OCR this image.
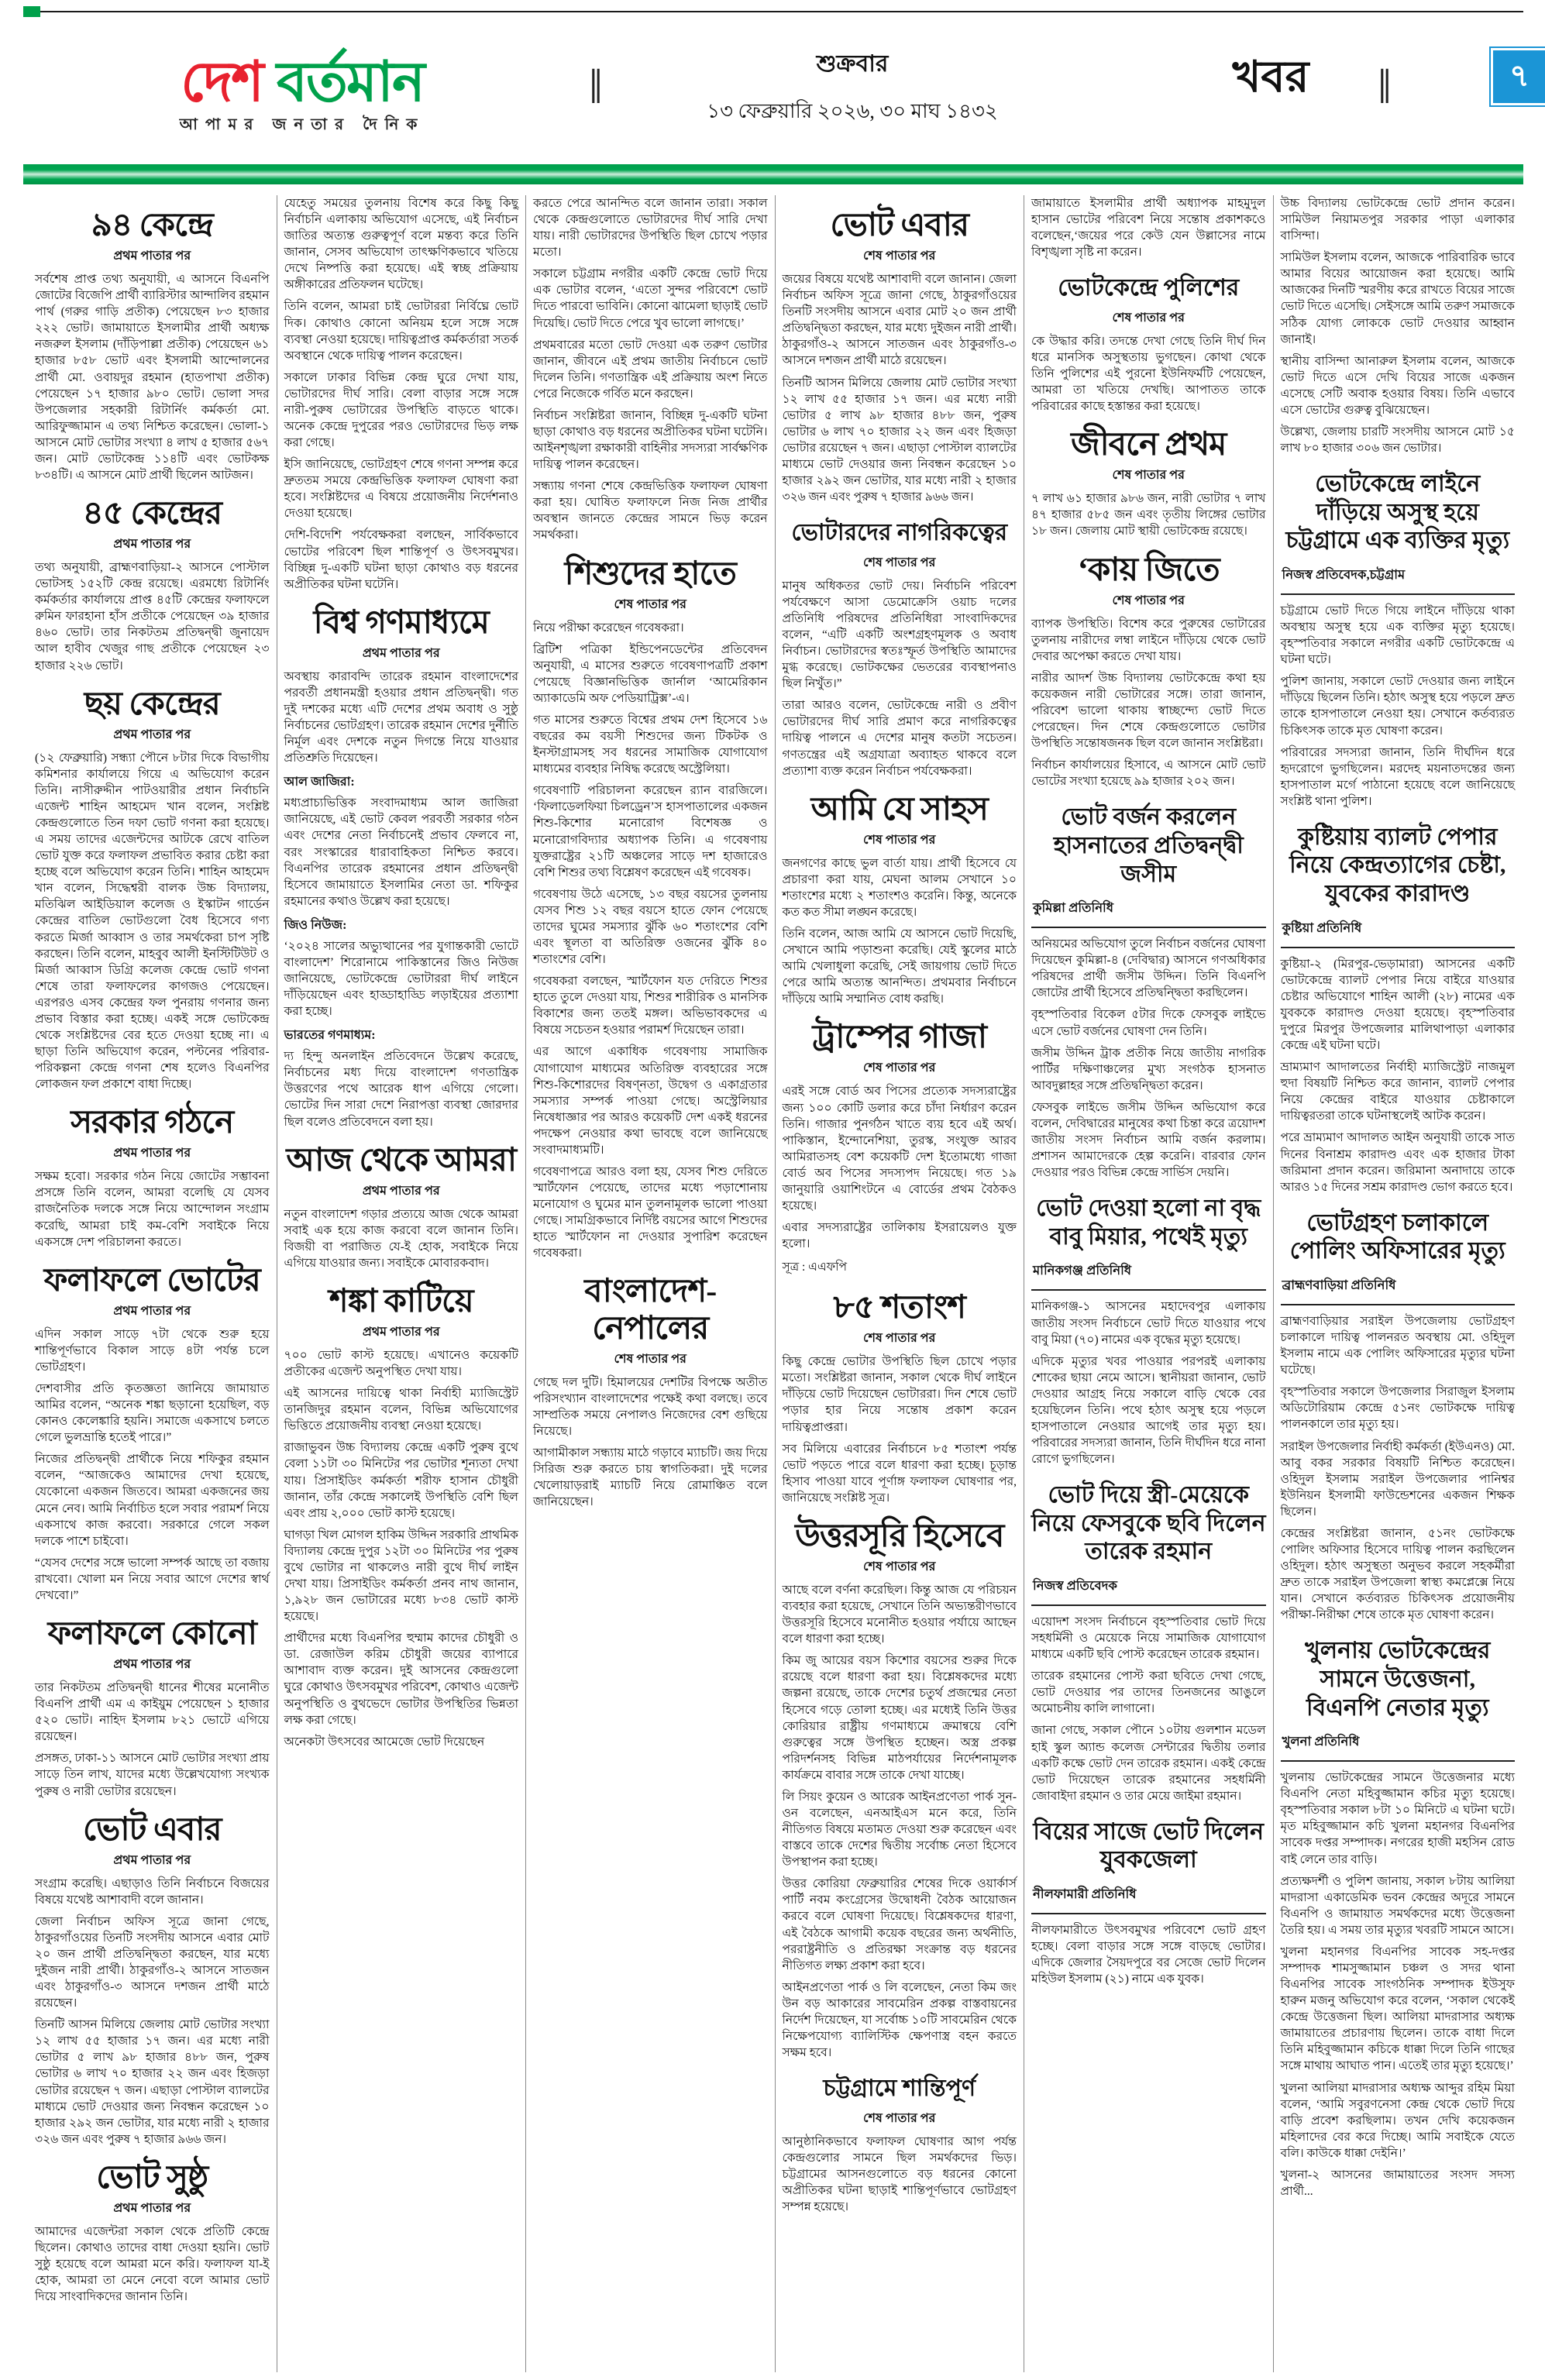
দেশ বর্তমান
আপামর জনতার দৈনিক
‖	শুক্রবার
১৩ ফেব্রুয়ারি ২০২৬, ৩০ মাঘ ১৪৩২	‖
খবর	৭
৯৪ কেন্দ্রে
প্রথম পাতার পর
সর্বশেষ প্রাপ্ত তথ্য অনুযায়ী, এ আসনে বিএনপি জোটের বিজেপি প্রার্থী ব্যারিস্টার আন্দালিব রহমান পার্থ (গরুর গাড়ি প্রতীক) পেয়েছেন ৮৩ হাজার ২২২ ভোট। জামায়াতে ইসলামীর প্রার্থী অধ্যক্ষ নজরুল ইসলাম (দাঁড়িপাল্লা প্রতীক) পেয়েছেন ৬১ হাজার ৮৫৮ ভোট এবং ইসলামী আন্দোলনের প্রার্থী মো. ওবায়দুর রহমান (হাতপাখা প্রতীক) পেয়েছেন ১৭ হাজার ৯৮০ ভোট। ভোলা সদর উপজেলার সহকারী রিটার্নিং কর্মকর্তা মো. আরিফুজ্জামান এ তথ্য নিশ্চিত করেছেন। ভোলা-১ আসনে মোট ভোটার সংখ্যা ৪ লাখ ৫ হাজার ৫৬৭ জন। মোট ভোটকেন্দ্র ১১৪টি এবং ভোটকক্ষ ৮৩৪টি। এ আসনে মোট প্রার্থী ছিলেন আটজন।
৪৫ কেন্দ্রের
প্রথম পাতার পর
তথ্য অনুযায়ী, ব্রাহ্মণবাড়িয়া-২ আসনে পোস্টাল ভোটসহ ১৫২টি কেন্দ্র রয়েছে। এরমধ্যে রিটার্নিং কর্মকর্তার কার্যালয়ে প্রাপ্ত ৪৫টি কেন্দ্রের ফলাফলে রুমিন ফারহানা হাঁস প্রতীকে পেয়েছেন ৩৯ হাজার ৪৬০ ভোট। তার নিকটতম প্রতিদ্বন্দ্বী জুনায়েদ আল হাবীব খেজুর গাছ প্রতীকে পেয়েছেন ২৩ হাজার ২২৬ ভোট।
ছয় কেন্দ্রের
প্রথম পাতার পর
(১২ ফেব্রুয়ারি) সন্ধ্যা পৌনে ৮টার দিকে বিভাগীয় কমিশনার কার্যালয়ে গিয়ে এ অভিযোগ করেন তিনি। নাসীরুদ্দীন পাটওয়ারীর প্রধান নির্বাচনি এজেন্ট শাহিন আহমেদ খান বলেন, সংশ্লিষ্ট কেন্দ্রগুলোতে তিন দফা ভোট গণনা করা হয়েছে। এ সময় তাদের এজেন্টদের আটকে রেখে বাতিল ভোট যুক্ত করে ফলাফল প্রভাবিত করার চেষ্টা করা হচ্ছে বলে অভিযোগ করেন তিনি। শাহিন আহমেদ খান বলেন, সিদ্ধেশ্বরী বালক উচ্চ বিদ্যালয়, মতিঝিল আইডিয়াল কলেজ ও ইস্কাটন গার্ডেন কেন্দ্রের বাতিল ভোটগুলো বৈধ হিসেবে গণ্য করতে মির্জা আব্বাস ও তার সমর্থকেরা চাপ সৃষ্টি করছেন। তিনি বলেন, মাহবুব আলী ইনস্টিটিউট ও মির্জা আব্বাস ডিগ্রি কলেজ কেন্দ্রে ভোট গণনা শেষে তারা ফলাফলের কাগজও পেয়েছেন। এরপরও এসব কেন্দ্রের ফল পুনরায় গণনার জন্য প্রভাব বিস্তার করা হচ্ছে। একই সঙ্গে ভোটকেন্দ্র থেকে সংশ্লিষ্টদের বের হতে দেওয়া হচ্ছে না। এ ছাড়া তিনি অভিযোগ করেন, পল্টনের পরিবার-পরিকল্পনা কেন্দ্রে গণনা শেষ হলেও বিএনপির লোকজন ফল প্রকাশে বাধা দিচ্ছে।
সরকার গঠনে
প্রথম পাতার পর
সক্ষম হবো। সরকার গঠন নিয়ে জোটের সম্ভাবনা প্রসঙ্গে তিনি বলেন, আমরা বলেছি যে যেসব রাজনৈতিক দলকে সঙ্গে নিয়ে আন্দোলন সংগ্রাম করেছি, আমরা চাই কম-বেশি সবাইকে নিয়ে একসঙ্গে দেশ পরিচালনা করতে।
ফলাফলে ভোটের
প্রথম পাতার পর
এদিন সকাল সাড়ে ৭টা থেকে শুরু হয়ে শান্তিপূর্ণভাবে বিকাল সাড়ে ৪টা পর্যন্ত চলে ভোটগ্রহণ।
দেশবাসীর প্রতি কৃতজ্ঞতা জানিয়ে জামায়াত আমির বলেন, “অনেক শঙ্কা ছড়ানো হয়েছিল, বড় কোনও কেলেঙ্কারি হয়নি। সমাজে একসাথে চলতে গেলে ভুলভ্রান্তি হতেই পারে।”
নিজের প্রতিদ্বন্দ্বী প্রার্থীকে নিয়ে শফিকুর রহমান বলেন, “আজকেও আমাদের দেখা হয়েছে, যেকোনো একজন জিতবে। আমরা একজনের জয় মেনে নেব। আমি নির্বাচিত হলে সবার পরামর্শ নিয়ে একসাথে কাজ করবো। সরকারে গেলে সকল দলকে পাশে চাইবো।
“যেসব দেশের সঙ্গে ভালো সম্পর্ক আছে তা বজায় রাখবো। খোলা মন নিয়ে সবার আগে দেশের স্বার্থ দেখবো।”
ফলাফলে কোনো
প্রথম পাতার পর
তার নিকটতম প্রতিদ্বন্দ্বী ধানের শীষের মনোনীত বিএনপি প্রার্থী এম এ কাইয়ুম পেয়েছেন ১ হাজার ৫২০ ভোট। নাহিদ ইসলাম ৮২১ ভোটে এগিয়ে রয়েছেন।
প্রসঙ্গত, ঢাকা-১১ আসনে মোট ভোটার সংখ্যা প্রায় সাড়ে তিন লাখ, যাদের মধ্যে উল্লেখযোগ্য সংখ্যক পুরুষ ও নারী ভোটার রয়েছেন।
ভোট এবার
প্রথম পাতার পর
সংগ্রাম করেছি। এছাড়াও তিনি নির্বাচনে বিজয়ের বিষয়ে যথেষ্ট আশাবাদী বলে জানান।
জেলা নির্বাচন অফিস সূত্রে জানা গেছে, ঠাকুরগাঁওয়ের তিনটি সংসদীয় আসনে এবার মোট ২০ জন প্রার্থী প্রতিদ্বন্দ্বিতা করছেন, যার মধ্যে দুইজন নারী প্রার্থী। ঠাকুরগাঁও-২ আসনে সাতজন এবং ঠাকুরগাঁও-৩ আসনে দশজন প্রার্থী মাঠে রয়েছেন।
তিনটি আসন মিলিয়ে জেলায় মোট ভোটার সংখ্যা ১২ লাখ ৫৫ হাজার ১৭ জন। এর মধ্যে নারী ভোটার ৫ লাখ ৯৮ হাজার ৪৮৮ জন, পুরুষ ভোটার ৬ লাখ ৭০ হাজার ২২ জন এবং হিজড়া ভোটার রয়েছেন ৭ জন। এছাড়া পোস্টাল ব্যালটের মাধ্যমে ভোট দেওয়ার জন্য নিবন্ধন করেছেন ১০ হাজার ২৯২ জন ভোটার, যার মধ্যে নারী ২ হাজার ৩২৬ জন এবং পুরুষ ৭ হাজার ৯৬৬ জন।
ভোট সুষ্ঠু
প্রথম পাতার পর
আমাদের এজেন্টরা সকাল থেকে প্রতিটি কেন্দ্রে ছিলেন। কোথাও তাদের বাধা দেওয়া হয়নি। ভোট সুষ্ঠু হয়েছে বলে আমরা মনে করি। ফলাফল যা-ই হোক, আমরা তা মেনে নেবো বলে আমার ভোট দিয়ে সাংবাদিকদের জানান তিনি।
যেহেতু সময়ের তুলনায় বিশেষ করে কিছু কিছু নির্বাচনি এলাকায় অভিযোগ এসেছে, এই নির্বাচন জাতির অত্যন্ত গুরুত্বপূর্ণ বলে মন্তব্য করে তিনি জানান, সেসব অভিযোগ তাৎক্ষণিকভাবে খতিয়ে দেখে নিষ্পত্তি করা হয়েছে। এই স্বচ্ছ প্রক্রিয়ায় অঙ্গীকারের প্রতিফলন ঘটেছে।
তিনি বলেন, আমরা চাই ভোটাররা নির্বিঘ্নে ভোট দিক। কোথাও কোনো অনিয়ম হলে সঙ্গে সঙ্গে ব্যবস্থা নেওয়া হয়েছে। দায়িত্বপ্রাপ্ত কর্মকর্তারা সতর্ক অবস্থানে থেকে দায়িত্ব পালন করেছেন।
সকালে ঢাকার বিভিন্ন কেন্দ্র ঘুরে দেখা যায়, ভোটারদের দীর্ঘ সারি। বেলা বাড়ার সঙ্গে সঙ্গে নারী-পুরুষ ভোটারের উপস্থিতি বাড়তে থাকে। অনেক কেন্দ্রে দুপুরের পরও ভোটারদের ভিড় লক্ষ করা গেছে।
ইসি জানিয়েছে, ভোটগ্রহণ শেষে গণনা সম্পন্ন করে দ্রুততম সময়ে কেন্দ্রভিত্তিক ফলাফল ঘোষণা করা হবে। সংশ্লিষ্টদের এ বিষয়ে প্রয়োজনীয় নির্দেশনাও দেওয়া হয়েছে।
দেশি-বিদেশি পর্যবেক্ষকরা বলছেন, সার্বিকভাবে ভোটের পরিবেশ ছিল শান্তিপূর্ণ ও উৎসবমুখর। বিচ্ছিন্ন দু-একটি ঘটনা ছাড়া কোথাও বড় ধরনের অপ্রীতিকর ঘটনা ঘটেনি।
বিশ্ব গণমাধ্যমে
প্রথম পাতার পর
অবস্থায় কারাবন্দি তারেক রহমান বাংলাদেশের পরবর্তী প্রধানমন্ত্রী হওয়ার প্রধান প্রতিদ্বন্দ্বী। গত দুই দশকের মধ্যে এটি দেশের প্রথম অবাধ ও সুষ্ঠু নির্বাচনের ভোটগ্রহণ। তারেক রহমান দেশের দুর্নীতি নির্মূল এবং দেশকে নতুন দিগন্তে নিয়ে যাওয়ার প্রতিশ্রুতি দিয়েছেন।
আল জাজিরা:
মধ্যপ্রাচ্যভিত্তিক সংবাদমাধ্যম আল জাজিরা জানিয়েছে, এই ভোট কেবল পরবর্তী সরকার গঠন এবং দেশের নেতা নির্বাচনেই প্রভাব ফেলবে না, বরং সংস্কারের ধারাবাহিকতা নিশ্চিত করবে। বিএনপির তারেক রহমানের প্রধান প্রতিদ্বন্দ্বী হিসেবে জামায়াতে ইসলামির নেতা ডা. শফিকুর রহমানের কথাও উল্লেখ করা হয়েছে।
জিও নিউজ:
‘২০২৪ সালের অভ্যুত্থানের পর যুগান্তকারী ভোটে বাংলাদেশ’ শিরোনামে পাকিস্তানের জিও নিউজ জানিয়েছে, ভোটকেন্দ্রে ভোটাররা দীর্ঘ লাইনে দাঁড়িয়েছেন এবং হাড্ডাহাড্ডি লড়াইয়ের প্রত্যাশা করা হচ্ছে।
ভারতের গণমাধ্যম:
দ্য হিন্দু অনলাইন প্রতিবেদনে উল্লেখ করেছে, নির্বাচনের মধ্য দিয়ে বাংলাদেশ গণতান্ত্রিক উত্তরণের পথে আরেক ধাপ এগিয়ে গেলো। ভোটের দিন সারা দেশে নিরাপত্তা ব্যবস্থা জোরদার ছিল বলেও প্রতিবেদনে বলা হয়।
আজ থেকে আমরা
প্রথম পাতার পর
নতুন বাংলাদেশ গড়ার প্রত্যয়ে আজ থেকে আমরা সবাই এক হয়ে কাজ করবো বলে জানান তিনি। বিজয়ী বা পরাজিত যে-ই হোক, সবাইকে নিয়ে এগিয়ে যাওয়ার জন্য। সবাইকে মোবারকবাদ।
শঙ্কা কাটিয়ে
প্রথম পাতার পর
৭০০ ভোট কাস্ট হয়েছে। এখানেও কয়েকটি প্রতীকের এজেন্ট অনুপস্থিত দেখা যায়।
এই আসনের দায়িত্বে থাকা নির্বাহী ম্যাজিস্ট্রেট তানজিদুর রহমান বলেন, বিভিন্ন অভিযোগের ভিত্তিতে প্রয়োজনীয় ব্যবস্থা নেওয়া হয়েছে।
রাজাভুবন উচ্চ বিদ্যালয় কেন্দ্রে একটি পুরুষ বুথে বেলা ১১টা ৩০ মিনিটের পর ভোটার শূন্যতা দেখা যায়। প্রিসাইডিং কর্মকর্তা শরীফ হাসান চৌধুরী জানান, তাঁর কেন্দ্রে সকালেই উপস্থিতি বেশি ছিল এবং প্রায় ২,০০০ ভোট কাস্ট হয়েছে।
ঘাগড়া খিল মোগল হাকিম উদ্দিন সরকারি প্রাথমিক বিদ্যালয় কেন্দ্রে দুপুর ১২টা ৩০ মিনিটের পর পুরুষ বুথে ভোটার না থাকলেও নারী বুথে দীর্ঘ লাইন দেখা যায়। প্রিসাইডিং কর্মকর্তা প্রনব নাথ জানান, ১,৯২৮ জন ভোটারের মধ্যে ৮৩৪ ভোট কাস্ট হয়েছে।
প্রার্থীদের মধ্যে বিএনপির হুম্মাম কাদের চৌধুরী ও ডা. রেজাউল করিম চৌধুরী জয়ের ব্যাপারে আশাবাদ ব্যক্ত করেন। দুই আসনের কেন্দ্রগুলো ঘুরে কোথাও উৎসবমুখর পরিবেশ, কোথাও এজেন্ট অনুপস্থিতি ও বুথভেদে ভোটার উপস্থিতির ভিন্নতা লক্ষ করা গেছে।
অনেকটা উৎসবের আমেজে ভোট দিয়েছেন
করতে পেরে আনন্দিত বলে জানান তারা। সকাল থেকে কেন্দ্রগুলোতে ভোটারদের দীর্ঘ সারি দেখা যায়। নারী ভোটারদের উপস্থিতি ছিল চোখে পড়ার মতো।
সকালে চট্টগ্রাম নগরীর একটি কেন্দ্রে ভোট দিয়ে এক ভোটার বলেন, ‘এতো সুন্দর পরিবেশে ভোট দিতে পারবো ভাবিনি। কোনো ঝামেলা ছাড়াই ভোট দিয়েছি। ভোট দিতে পেরে খুব ভালো লাগছে।’
প্রথমবারের মতো ভোট দেওয়া এক তরুণ ভোটার জানান, জীবনে এই প্রথম জাতীয় নির্বাচনে ভোট দিলেন তিনি। গণতান্ত্রিক এই প্রক্রিয়ায় অংশ নিতে পেরে নিজেকে গর্বিত মনে করছেন।
নির্বাচন সংশ্লিষ্টরা জানান, বিচ্ছিন্ন দু-একটি ঘটনা ছাড়া কোথাও বড় ধরনের অপ্রীতিকর ঘটনা ঘটেনি। আইনশৃঙ্খলা রক্ষাকারী বাহিনীর সদস্যরা সার্বক্ষণিক দায়িত্ব পালন করেছেন।
সন্ধ্যায় গণনা শেষে কেন্দ্রভিত্তিক ফলাফল ঘোষণা করা হয়। ঘোষিত ফলাফলে নিজ নিজ প্রার্থীর অবস্থান জানতে কেন্দ্রের সামনে ভিড় করেন সমর্থকরা।
শিশুদের হাতে
শেষ পাতার পর
নিয়ে পরীক্ষা করেছেন গবেষকরা।
ব্রিটিশ পত্রিকা ইন্ডিপেনডেন্টের প্রতিবেদন অনুযায়ী, এ মাসের শুরুতে গবেষণাপত্রটি প্রকাশ পেয়েছে বিজ্ঞানভিত্তিক জার্নাল ‘আমেরিকান অ্যাকাডেমি অফ পেডিয়াট্রিক্স’-এ।
গত মাসের শুরুতে বিশ্বের প্রথম দেশ হিসেবে ১৬ বছরের কম বয়সী শিশুদের জন্য টিকটক ও ইনস্টাগ্রামসহ সব ধরনের সামাজিক যোগাযোগ মাধ্যমের ব্যবহার নিষিদ্ধ করেছে অস্ট্রেলিয়া।
গবেষণাটি পরিচালনা করেছেন র‌্যান বারজিলে। ‘ফিলাডেলফিয়া চিলড্রেন’স হাসপাতালের একজন শিশু-কিশোর মনোরোগ বিশেষজ্ঞ ও মনোরোগবিদ্যার অধ্যাপক তিনি। এ গবেষণায় যুক্তরাষ্ট্রের ২১টি অঞ্চলের সাড়ে দশ হাজারেও বেশি শিশুর তথ্য বিশ্লেষণ করেছেন এই গবেষক।
গবেষণায় উঠে এসেছে, ১৩ বছর বয়সের তুলনায় যেসব শিশু ১২ বছর বয়সে হাতে ফোন পেয়েছে তাদের ঘুমের সমস্যার ঝুঁকি ৬০ শতাংশের বেশি এবং স্থূলতা বা অতিরিক্ত ওজনের ঝুঁকি ৪০ শতাংশের বেশি।
গবেষকরা বলছেন, স্মার্টফোন যত দেরিতে শিশুর হাতে তুলে দেওয়া যায়, শিশুর শারীরিক ও মানসিক বিকাশের জন্য ততই মঙ্গল। অভিভাবকদের এ বিষয়ে সচেতন হওয়ার পরামর্শ দিয়েছেন তারা।
এর আগে একাধিক গবেষণায় সামাজিক যোগাযোগ মাধ্যমের অতিরিক্ত ব্যবহারের সঙ্গে শিশু-কিশোরদের বিষণ্নতা, উদ্বেগ ও একাগ্রতার সমস্যার সম্পর্ক পাওয়া গেছে। অস্ট্রেলিয়ার নিষেধাজ্ঞার পর আরও কয়েকটি দেশ একই ধরনের পদক্ষেপ নেওয়ার কথা ভাবছে বলে জানিয়েছে সংবাদমাধ্যমটি।
গবেষণাপত্রে আরও বলা হয়, যেসব শিশু দেরিতে স্মার্টফোন পেয়েছে, তাদের মধ্যে পড়াশোনায় মনোযোগ ও ঘুমের মান তুলনামূলক ভালো পাওয়া গেছে। সামগ্রিকভাবে নির্দিষ্ট বয়সের আগে শিশুদের হাতে স্মার্টফোন না দেওয়ার সুপারিশ করেছেন গবেষকরা।
বাংলাদেশ-নেপালের
শেষ পাতার পর
গেছে দল দুটি। হিমালয়ের দেশটির বিপক্ষে অতীত পরিসংখ্যান বাংলাদেশের পক্ষেই কথা বলছে। তবে সাম্প্রতিক সময়ে নেপালও নিজেদের বেশ গুছিয়ে নিয়েছে।
আগামীকাল সন্ধ্যায় মাঠে গড়াবে ম্যাচটি। জয় দিয়ে সিরিজ শুরু করতে চায় স্বাগতিকরা। দুই দলের খেলোয়াড়রাই ম্যাচটি নিয়ে রোমাঞ্চিত বলে জানিয়েছেন।
ভোট এবার
শেষ পাতার পর
জয়ের বিষয়ে যথেষ্ট আশাবাদী বলে জানান। জেলা নির্বাচন অফিস সূত্রে জানা গেছে, ঠাকুরগাঁওয়ের তিনটি সংসদীয় আসনে এবার মোট ২০ জন প্রার্থী প্রতিদ্বন্দ্বিতা করছেন, যার মধ্যে দুইজন নারী প্রার্থী। ঠাকুরগাঁও-২ আসনে সাতজন এবং ঠাকুরগাঁও-৩ আসনে দশজন প্রার্থী মাঠে রয়েছেন।
তিনটি আসন মিলিয়ে জেলায় মোট ভোটার সংখ্যা ১২ লাখ ৫৫ হাজার ১৭ জন। এর মধ্যে নারী ভোটার ৫ লাখ ৯৮ হাজার ৪৮৮ জন, পুরুষ ভোটার ৬ লাখ ৭০ হাজার ২২ জন এবং হিজড়া ভোটার রয়েছেন ৭ জন। এছাড়া পোস্টাল ব্যালটের মাধ্যমে ভোট দেওয়ার জন্য নিবন্ধন করেছেন ১০ হাজার ২৯২ জন ভোটার, যার মধ্যে নারী ২ হাজার ৩২৬ জন এবং পুরুষ ৭ হাজার ৯৬৬ জন।
ভোটারদের নাগরিকত্বের
শেষ পাতার পর
মানুষ অধিকতর ভোট দেয়। নির্বাচনি পরিবেশ পর্যবেক্ষণে আসা ডেমোক্রেসি ওয়াচ দলের প্রতিনিধি পরিষদের প্রতিনিধিরা সাংবাদিকদের বলেন, “এটি একটি অংশগ্রহণমূলক ও অবাধ নির্বাচন। ভোটারদের স্বতঃস্ফূর্ত উপস্থিতি আমাদের মুগ্ধ করেছে। ভোটকক্ষের ভেতরের ব্যবস্থাপনাও ছিল নিখুঁত।”
তারা আরও বলেন, ভোটকেন্দ্রে নারী ও প্রবীণ ভোটারদের দীর্ঘ সারি প্রমাণ করে নাগরিকত্বের দায়িত্ব পালনে এ দেশের মানুষ কতটা সচেতন। গণতন্ত্রের এই অগ্রযাত্রা অব্যাহত থাকবে বলে প্রত্যাশা ব্যক্ত করেন নির্বাচন পর্যবেক্ষকরা।
আমি যে সাহস
শেষ পাতার পর
জনগণের কাছে ভুল বার্তা যায়। প্রার্থী হিসেবে যে প্রচারণা করা যায়, মেঘনা আলম সেখানে ১০ শতাংশের মধ্যে ২ শতাংশও করেনি। কিন্তু, অনেকে কত কত সীমা লঙ্ঘন করেছে।
তিনি বলেন, আজ আমি যে আসনে ভোট দিয়েছি, সেখানে আমি পড়াশুনা করেছি। যেই স্কুলের মাঠে আমি খেলাধুলা করেছি, সেই জায়গায় ভোট দিতে পেরে আমি অত্যন্ত আনন্দিত। প্রথমবার নির্বাচনে দাঁড়িয়ে আমি সম্মানিত বোধ করছি।
ট্রাম্পের গাজা
শেষ পাতার পর
এরই সঙ্গে বোর্ড অব পিসের প্রত্যেক সদস্যরাষ্ট্রের জন্য ১০০ কোটি ডলার করে চাঁদা নির্ধারণ করেন তিনি। গাজার পুনর্গঠন খাতে ব্যয় হবে এই অর্থ। পাকিস্তান, ইন্দোনেশিয়া, তুরস্ক, সংযুক্ত আরব আমিরাতসহ বেশ কয়েকটি দেশ ইতোমধ্যে গাজা বোর্ড অব পিসের সদস্যপদ নিয়েছে। গত ১৯ জানুয়ারি ওয়াশিংটনে এ বোর্ডের প্রথম বৈঠকও হয়েছে।
এবার সদস্যরাষ্ট্রের তালিকায় ইসরায়েলও যুক্ত হলো।
সূত্র : এএফপি
৮৫ শতাংশ
শেষ পাতার পর
কিছু কেন্দ্রে ভোটার উপস্থিতি ছিল চোখে পড়ার মতো। সংশ্লিষ্টরা জানান, সকাল থেকে দীর্ঘ লাইনে দাঁড়িয়ে ভোট দিয়েছেন ভোটাররা। দিন শেষে ভোট পড়ার হার নিয়ে সন্তোষ প্রকাশ করেন দায়িত্বপ্রাপ্তরা।
সব মিলিয়ে এবারের নির্বাচনে ৮৫ শতাংশ পর্যন্ত ভোট পড়তে পারে বলে ধারণা করা হচ্ছে। চূড়ান্ত হিসাব পাওয়া যাবে পূর্ণাঙ্গ ফলাফল ঘোষণার পর, জানিয়েছে সংশ্লিষ্ট সূত্র।
উত্তরসূরি হিসেবে
শেষ পাতার পর
আছে বলে বর্ণনা করেছিল। কিন্তু আজ যে পরিচয়ন ব্যবহার করা হয়েছে, সেখানে তিনি অভ্যন্তরীণভাবে উত্তরসূরি হিসেবে মনোনীত হওয়ার পর্যায়ে আছেন বলে ধারণা করা হচ্ছে।
কিম জু আয়ের বয়স কিশোর বয়সের শুরুর দিকে রয়েছে বলে ধারণা করা হয়। বিশ্লেষকদের মধ্যে জল্পনা রয়েছে, তাকে দেশের চতুর্থ প্রজন্মের নেতা হিসেবে গড়ে তোলা হচ্ছে। এর মধ্যেই তিনি উত্তর কোরিয়ার রাষ্ট্রীয় গণমাধ্যমে ক্রমান্বয়ে বেশি গুরুত্বের সঙ্গে উপস্থিত হচ্ছেন। অস্ত্র প্রকল্প পরিদর্শনসহ বিভিন্ন মাঠপর্যায়ের নির্দেশনামূলক কার্যক্রমে বাবার সঙ্গে তাকে দেখা যাচ্ছে।
লি সিয়ং কুয়েন ও আরেক আইনপ্রণেতা পার্ক সুন-ওন বলেছেন, এনআইএস মনে করে, তিনি নীতিগত বিষয়ে মতামত দেওয়া শুরু করেছেন এবং বাস্তবে তাকে দেশের দ্বিতীয় সর্বোচ্চ নেতা হিসেবে উপস্থাপন করা হচ্ছে।
উত্তর কোরিয়া ফেব্রুয়ারির শেষের দিকে ওয়ার্কার্স পার্টি নবম কংগ্রেসের উদ্বোধনী বৈঠক আয়োজন করবে বলে ঘোষণা দিয়েছে। বিশ্লেষকদের ধারণা, এই বৈঠকে আগামী কয়েক বছরের জন্য অর্থনীতি, পররাষ্ট্রনীতি ও প্রতিরক্ষা সংক্রান্ত বড় ধরনের নীতিগত লক্ষ্য প্রকাশ করা হবে।
আইনপ্রণেতা পার্ক ও লি বলেছেন, নেতা কিম জং উন বড় আকারের সাবমেরিন প্রকল্প বাস্তবায়নের নির্দেশ দিয়েছেন, যা সর্বোচ্চ ১০টি সাবমেরিন থেকে নিক্ষেপযোগ্য ব্যালিস্টিক ক্ষেপণাস্ত্র বহন করতে সক্ষম হবে।
চট্টগ্রামে শান্তিপূর্ণ
শেষ পাতার পর
আনুষ্ঠানিকভাবে ফলাফল ঘোষণার আগ পর্যন্ত কেন্দ্রগুলোর সামনে ছিল সমর্থকদের ভিড়। চট্টগ্রামের আসনগুলোতে বড় ধরনের কোনো অপ্রীতিকর ঘটনা ছাড়াই শান্তিপূর্ণভাবে ভোটগ্রহণ সম্পন্ন হয়েছে।
জামায়াতে ইসলামীর প্রার্থী অধ্যাপক মাহমুদুল হাসান ভোটের পরিবেশ নিয়ে সন্তোষ প্রকাশকওে বলেছেন,‘জয়ের পরে কেউ যেন উল্লাসের নামে বিশৃঙ্খলা সৃষ্টি না করেন।
ভোটকেন্দ্রে পুলিশের
শেষ পাতার পর
কে উদ্ধার করি। তদন্তে দেখা গেছে তিনি দীর্ঘ দিন ধরে মানসিক অসুস্থতায় ভুগছেন। কোথা থেকে তিনি পুলিশের এই পুরনো ইউনিফর্মটি পেয়েছেন, আমরা তা খতিয়ে দেখছি। আপাতত তাকে পরিবারের কাছে হস্তান্তর করা হয়েছে।
জীবনে প্রথম
শেষ পাতার পর
৭ লাখ ৬১ হাজার ৯৮৬ জন, নারী ভোটার ৭ লাখ ৪৭ হাজার ৫৮৫ জন এবং তৃতীয় লিঙ্গের ভোটার ১৮ জন। জেলায় মোট স্থায়ী ভোটকেন্দ্র রয়েছে।
‘কায় জিতে
শেষ পাতার পর
ব্যাপক উপস্থিতি। বিশেষ করে পুরুষের ভোটারের তুলনায় নারীদের লম্বা লাইনে দাঁড়িয়ে থেকে ভোট দেবার অপেক্ষা করতে দেখা যায়।
নারীর আদর্শ উচ্চ বিদ্যালয় ভোটকেন্দ্রে কথা হয় কয়েকজন নারী ভোটারের সঙ্গে। তারা জানান, পরিবেশ ভালো থাকায় স্বাচ্ছন্দ্যে ভোট দিতে পেরেছেন। দিন শেষে কেন্দ্রগুলোতে ভোটার উপস্থিতি সন্তোষজনক ছিল বলে জানান সংশ্লিষ্টরা।
নির্বাচন কার্যালয়ের হিসাবে, এ আসনে মোট ভোট ভোটের সংখ্যা হয়েছে ৯৯ হাজার ২০২ জন।
ভোট বর্জন করলেন হাসনাতের প্রতিদ্বন্দ্বী জসীম
কুমিল্লা প্রতিনিধি
অনিয়মের অভিযোগ তুলে নির্বাচন বর্জনের ঘোষণা দিয়েছেন কুমিল্লা-৪ (দেবিদ্বার) আসনে গণঅধিকার পরিষদের প্রার্থী জসীম উদ্দিন। তিনি বিএনপি জোটের প্রার্থী হিসেবে প্রতিদ্বন্দ্বিতা করছিলেন।
বৃহস্পতিবার বিকেল ৫টার দিকে ফেসবুক লাইভে এসে ভোট বর্জনের ঘোষণা দেন তিনি।
জসীম উদ্দিন ট্রাক প্রতীক নিয়ে জাতীয় নাগরিক পার্টির দক্ষিণাঞ্চলের মুখ্য সংগঠক হাসনাত আবদুল্লাহর সঙ্গে প্রতিদ্বন্দ্বিতা করেন।
ফেসবুক লাইভে জসীম উদ্দিন অভিযোগ করে বলেন, দেবিদ্বারের মানুষের কথা চিন্তা করে ত্রয়োদশ জাতীয় সংসদ নির্বাচন আমি বর্জন করলাম। প্রশাসন আমাদেরকে হেল্প করেনি। বারবার ফোন দেওয়ার পরও বিভিন্ন কেন্দ্রে সার্ভিস দেয়নি।
ভোট দেওয়া হলো না বৃদ্ধ বাবু মিয়ার, পথেই মৃত্যু
মানিকগঞ্জ প্রতিনিধি
মানিকগঞ্জ-১ আসনের মহাদেবপুর এলাকায় জাতীয় সংসদ নির্বাচনে ভোট দিতে যাওয়ার পথে বাবু মিয়া (৭০) নামের এক বৃদ্ধের মৃত্যু হয়েছে।
এদিকে মৃত্যুর খবর পাওয়ার পরপরই এলাকায় শোকের ছায়া নেমে আসে। স্থানীয়রা জানান, ভোট দেওয়ার আগ্রহ নিয়ে সকালে বাড়ি থেকে বের হয়েছিলেন তিনি। পথে হঠাৎ অসুস্থ হয়ে পড়লে হাসপাতালে নেওয়ার আগেই তার মৃত্যু হয়। পরিবারের সদস্যরা জানান, তিনি দীর্ঘদিন ধরে নানা রোগে ভুগছিলেন।
ভোট দিয়ে স্ত্রী-মেয়েকে নিয়ে ফেসবুকে ছবি দিলেন তারেক রহমান
নিজস্ব প্রতিবেদক
এয়োদশ সংসদ নির্বাচনে বৃহস্পতিবার ভোট দিয়ে সহধর্মিনী ও মেয়েকে নিয়ে সামাজিক যোগাযোগ মাধ্যমে একটি ছবি পোস্ট করেছেন তারেক রহমান।
তারেক রহমানের পোস্ট করা ছবিতে দেখা গেছে, ভোট দেওয়ার পর তাদের তিনজনের আঙুলে অমোচনীয় কালি লাগানো।
জানা গেছে, সকাল পৌনে ১০টায় গুলশান মডেল হাই স্কুল অ্যান্ড কলেজ সেন্টারের দ্বিতীয় তলার একটি কক্ষে ভোট দেন তারেক রহমান। একই কেন্দ্রে ভোট দিয়েছেন তারেক রহমানের সহধর্মিনী জোবাইদা রহমান ও তার মেয়ে জাইমা রহমান।
বিয়ের সাজে ভোট দিলেন যুবকজেলা
নীলফামারী প্রতিনিধি
নীলফামারীতে উৎসবমুখর পরিবেশে ভোট গ্রহণ হচ্ছে। বেলা বাড়ার সঙ্গে সঙ্গে বাড়ছে ভোটার। এদিকে জেলার সৈয়দপুরে বর সেজে ভোট দিলেন মহিউল ইসলাম (২১) নামে এক যুবক।
উচ্চ বিদ্যালয় ভোটকেন্দ্রে ভোট প্রদান করেন। সামিউল নিয়ামতপুর সরকার পাড়া এলাকার বাসিন্দা।
সামিউল ইসলাম বলেন, আজকে পারিবারিক ভাবে আমার বিয়ের আয়োজন করা হয়েছে। আমি আজকের দিনটি স্মরণীয় করে রাখতে বিয়ের সাজে ভোট দিতে এসেছি। সেইসঙ্গে আমি তরুণ সমাজকে সঠিক যোগ্য লোককে ভোট দেওয়ার আহ্বান জানাই।
স্থানীয় বাসিন্দা আনারুল ইসলাম বলেন, আজকে ভোট দিতে এসে দেখি বিয়ের সাজে একজন এসেছে সেটি অবাক হওয়ার বিষয়। তিনি এভাবে এসে ভোটের গুরুত্ব বুঝিয়েছেন।
উল্লেখ্য, জেলায় চারটি সংসদীয় আসনে মোট ১৫ লাখ ৮০ হাজার ৩০৬ জন ভোটার।
ভোটকেন্দ্রে লাইনে দাঁড়িয়ে অসুস্থ হয়ে চট্টগ্রামে এক ব্যক্তির মৃত্যু
নিজস্ব প্রতিবেদক,চট্টগ্রাম
চট্টগ্রামে ভোট দিতে গিয়ে লাইনে দাঁড়িয়ে থাকা অবস্থায় অসুস্থ হয়ে এক ব্যক্তির মৃত্যু হয়েছে। বৃহস্পতিবার সকালে নগরীর একটি ভোটকেন্দ্রে এ ঘটনা ঘটে।
পুলিশ জানায়, সকালে ভোট দেওয়ার জন্য লাইনে দাঁড়িয়ে ছিলেন তিনি। হঠাৎ অসুস্থ হয়ে পড়লে দ্রুত তাকে হাসপাতালে নেওয়া হয়। সেখানে কর্তব্যরত চিকিৎসক তাকে মৃত ঘোষণা করেন।
পরিবারের সদস্যরা জানান, তিনি দীর্ঘদিন ধরে হৃদরোগে ভুগছিলেন। মরদেহ ময়নাতদন্তের জন্য হাসপাতাল মর্গে পাঠানো হয়েছে বলে জানিয়েছে সংশ্লিষ্ট থানা পুলিশ।
কুষ্টিয়ায় ব্যালট পেপার নিয়ে কেন্দ্রত্যাগের চেষ্টা, যুবকের কারাদণ্ড
কুষ্টিয়া প্রতিনিধি
কুষ্টিয়া-২ (মিরপুর-ভেড়ামারা) আসনের একটি ভোটকেন্দ্রে ব্যালট পেপার নিয়ে বাইরে যাওয়ার চেষ্টার অভিযোগে শাহিন আলী (২৮) নামের এক যুবককে কারাদণ্ড দেওয়া হয়েছে। বৃহস্পতিবার দুপুরে মিরপুর উপজেলার মালিথাপাড়া এলাকার কেন্দ্রে এই ঘটনা ঘটে।
ভ্রাম্যমাণ আদালতের নির্বাহী ম্যাজিস্ট্রেট নাজমুল হুদা বিষয়টি নিশ্চিত করে জানান, ব্যালট পেপার নিয়ে কেন্দ্রের বাইরে যাওয়ার চেষ্টাকালে দায়িত্বরতরা তাকে ঘটনাস্থলেই আটক করেন।
পরে ভ্রাম্যমাণ আদালত আইন অনুযায়ী তাকে সাত দিনের বিনাশ্রম কারাদণ্ড এবং এক হাজার টাকা জরিমানা প্রদান করেন। জরিমানা অনাদায়ে তাকে আরও ১৫ দিনের সশ্রম কারাদণ্ড ভোগ করতে হবে।
ভোটগ্রহণ চলাকালে পোলিং অফিসারের মৃত্যু
ব্রাহ্মণবাড়িয়া প্রতিনিধি
ব্রাহ্মণবাড়িয়ার সরাইল উপজেলায় ভোটগ্রহণ চলাকালে দায়িত্ব পালনরত অবস্থায় মো. ওহিদুল ইসলাম নামে এক পোলিং অফিসারের মৃত্যুর ঘটনা ঘটেছে।
বৃহস্পতিবার সকালে উপজেলার সিরাজুল ইসলাম অডিটোরিয়াম কেন্দ্রে ৫১নং ভোটকক্ষে দায়িত্ব পালনকালে তার মৃত্যু হয়।
সরাইল উপজেলার নির্বাহী কর্মকর্তা (ইউএনও) মো. আবু বকর সরকার বিষয়টি নিশ্চিত করেছেন। ওহিদুল ইসলাম সরাইল উপজেলার পানিশ্বর ইউনিয়ন ইসলামী ফাউন্ডেশনের একজন শিক্ষক ছিলেন।
কেন্দ্রের সংশ্লিষ্টরা জানান, ৫১নং ভোটকক্ষে পোলিং অফিসার হিসেবে দায়িত্ব পালন করছিলেন ওহিদুল। হঠাৎ অসুস্থতা অনুভব করলে সহকর্মীরা দ্রুত তাকে সরাইল উপজেলা স্বাস্থ্য কমপ্লেক্সে নিয়ে যান। সেখানে কর্তব্যরত চিকিৎসক প্রয়োজনীয় পরীক্ষা-নিরীক্ষা শেষে তাকে মৃত ঘোষণা করেন।
খুলনায় ভোটকেন্দ্রের সামনে উত্তেজনা, বিএনপি নেতার মৃত্যু
খুলনা প্রতিনিধি
খুলনায় ভোটকেন্দ্রের সামনে উত্তেজনার মধ্যে বিএনপি নেতা মহিবুজ্জামান কচির মৃত্যু হয়েছে। বৃহস্পতিবার সকাল ৮টা ১০ মিনিটে এ ঘটনা ঘটে। মৃত মহিবুজ্জামান কচি খুলনা মহানগর বিএনপির সাবেক দপ্তর সম্পাদক। নগরের হাজী মহসিন রোড বাই লেনে তার বাড়ি।
প্রত্যক্ষদর্শী ও পুলিশ জানায়, সকাল ৮টায় আলিয়া মাদরাসা একাডেমিক ভবন কেন্দ্রের অদূরে সামনে বিএনপি ও জামায়াত সমর্থকদের মধ্যে উত্তেজনা তৈরি হয়। এ সময় তার মৃত্যুর খবরটি সামনে আসে।
খুলনা মহানগর বিএনপির সাবেক সহ-দপ্তর সম্পাদক শামসুজ্জামান চঞ্চল ও সদর থানা বিএনপির সাবেক সাংগঠনিক সম্পাদক ইউসুফ হারুন মজনু অভিযোগ করে বলেন, ‘সকাল থেকেই কেন্দ্রে উত্তেজনা ছিল। আলিয়া মাদরাসার অধ্যক্ষ জামায়াতের প্রচারণায় ছিলেন। তাকে বাধা দিলে তিনি মহিবুজ্জামান কচিকে ধাক্কা দিলে তিনি গাছের সঙ্গে মাথায় আঘাত পান। এতেই তার মৃত্যু হয়েছে।’
খুলনা আলিয়া মাদরাসার অধ্যক্ষ আব্দুর রহিম মিয়া বলেন, ‘আমি সবুরণনেসা কেন্দ্র থেকে ভোট দিয়ে বাড়ি প্রবেশ করছিলাম। তখন দেখি কয়েকজন মহিলাদের বের করে দিচ্ছে। আমি সবাইকে যেতে বলি। কাউকে ধাক্কা দেইনি।’
খুলনা-২ আসনের জামায়াতের সংসদ সদস্য প্রার্থী...
